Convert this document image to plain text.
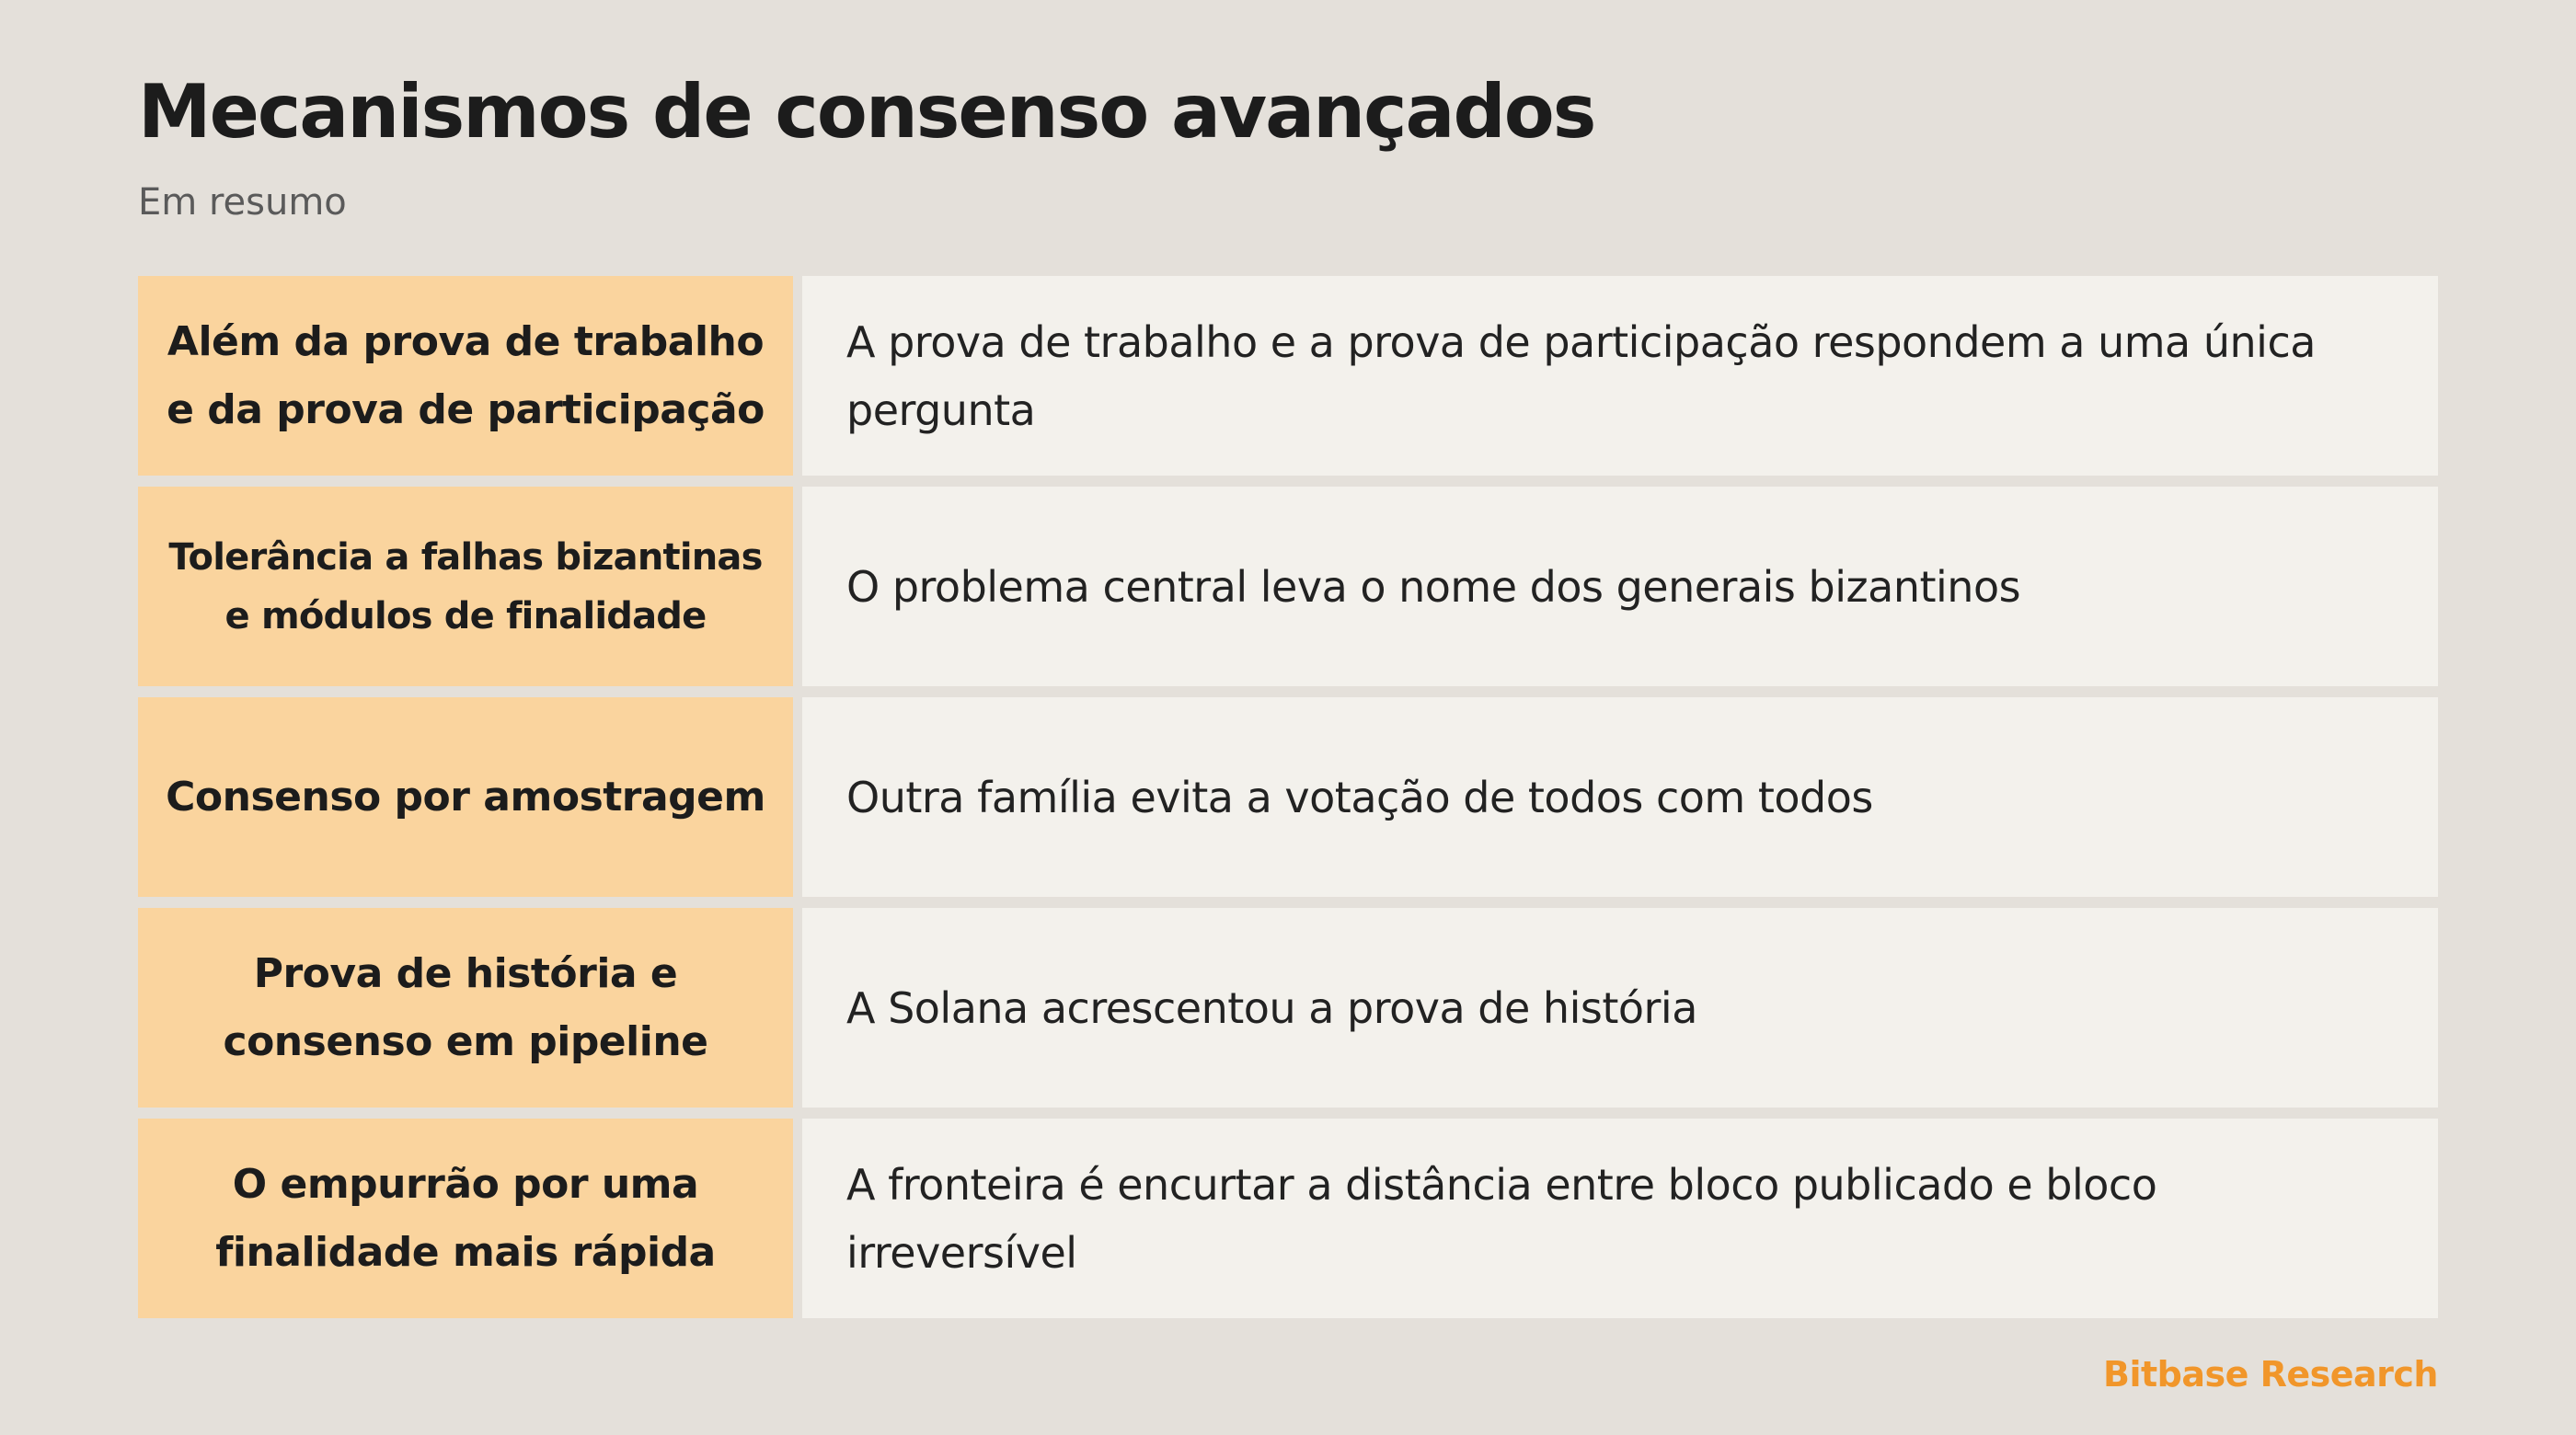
Mecanismos de consenso avançados

Em resumo

Além da prova de trabalho e da prova de participação
A prova de trabalho e a prova de participação respondem a uma única pergunta
Tolerância a falhas bizantinas e módulos de finalidade
O problema central leva o nome dos generais bizantinos
Consenso por amostragem	Outra família evita a votação de todos com todos
Prova de história e consenso em pipeline
A Solana acrescentou a prova de história
O empurrão por uma finalidade mais rápida
A fronteira é encurtar a distância entre bloco publicado e bloco irreversível
Bitbase Research
